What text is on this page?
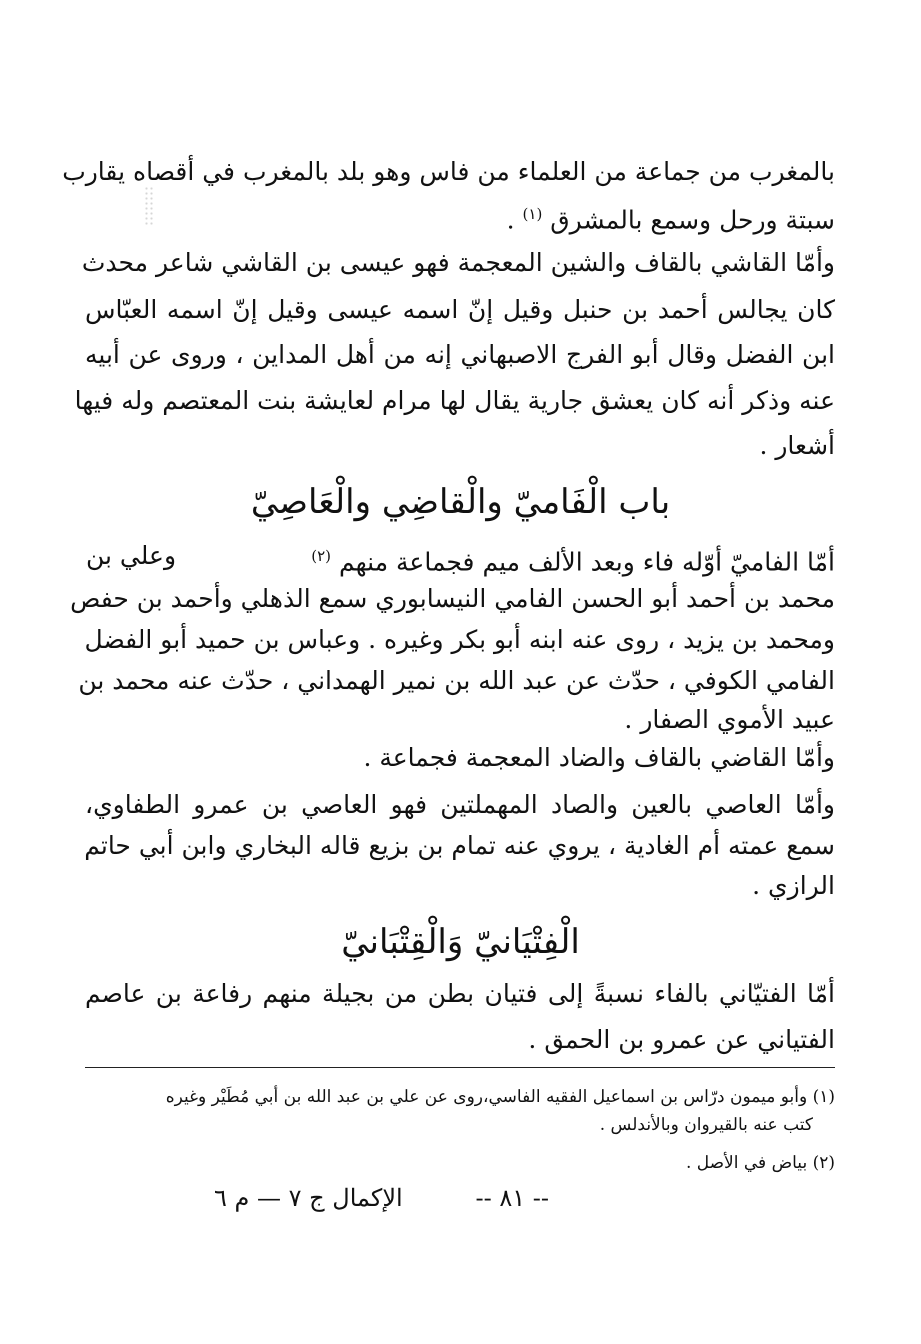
بالمغرب من جماعة من العلماء من فاس وهو بلد بالمغرب في أقصاه يقارب
سبتة ورحل وسمع بالمشرق $^{(١)}$ .
وأمّا القاشي بالقاف والشين المعجمة فهو عيسى بن القاشي شاعر محدث
كان يجالس أحمد بن حنبل وقيل إنّ اسمه عيسى وقيل إنّ اسمه العبّاس
ابن الفضل وقال أبو الفرج الاصبهاني إنه من أهل المداين ، وروى عن أبيه
عنه وذكر أنه كان يعشق جارية يقال لها مرام لعايشة بنت المعتصم وله فيها
أشعار .
باب الْفَاميّ والْقاضِي والْعَاصِيّ
أمّا الفاميّ أوّله فاء وبعد الألف ميم فجماعة منهم $^{(٢)}$
وعلي بن
محمد بن أحمد أبو الحسن الفامي النيسابوري سمع الذهلي وأحمد بن حفص
ومحمد بن يزيد ، روى عنه ابنه أبو بكر وغيره . وعباس بن حميد أبو الفضل
الفامي الكوفي ، حدّث عن عبد الله بن نمير الهمداني ، حدّث عنه محمد بن
عبيد الأموي الصفار .
وأمّا القاضي بالقاف والضاد المعجمة فجماعة .
وأمّا العاصي بالعين والصاد المهملتين فهو العاصي بن عمرو الطفاوي،
سمع عمته أم الغادية ، يروي عنه تمام بن بزيع قاله البخاري وابن أبي حاتم
الرازي .
الْفِتْيَانيّ وَالْقِتْبَانيّ
أمّا الفتيّاني بالفاء نسبةً إلى فتيان بطن من بجيلة منهم رفاعة بن عاصم
الفتياني عن عمرو بن الحمق .
(١) وأبو ميمون درّاس بن اسماعيل الفقيه الفاسي،روى عن علي بن عبد الله بن أبي مُطَيْر وغيره
كتب عنه بالقيروان وبالأندلس .
(٢) بياض في الأصل .
-- ٨١ --
الإكمال ج ٧ — م ٦
